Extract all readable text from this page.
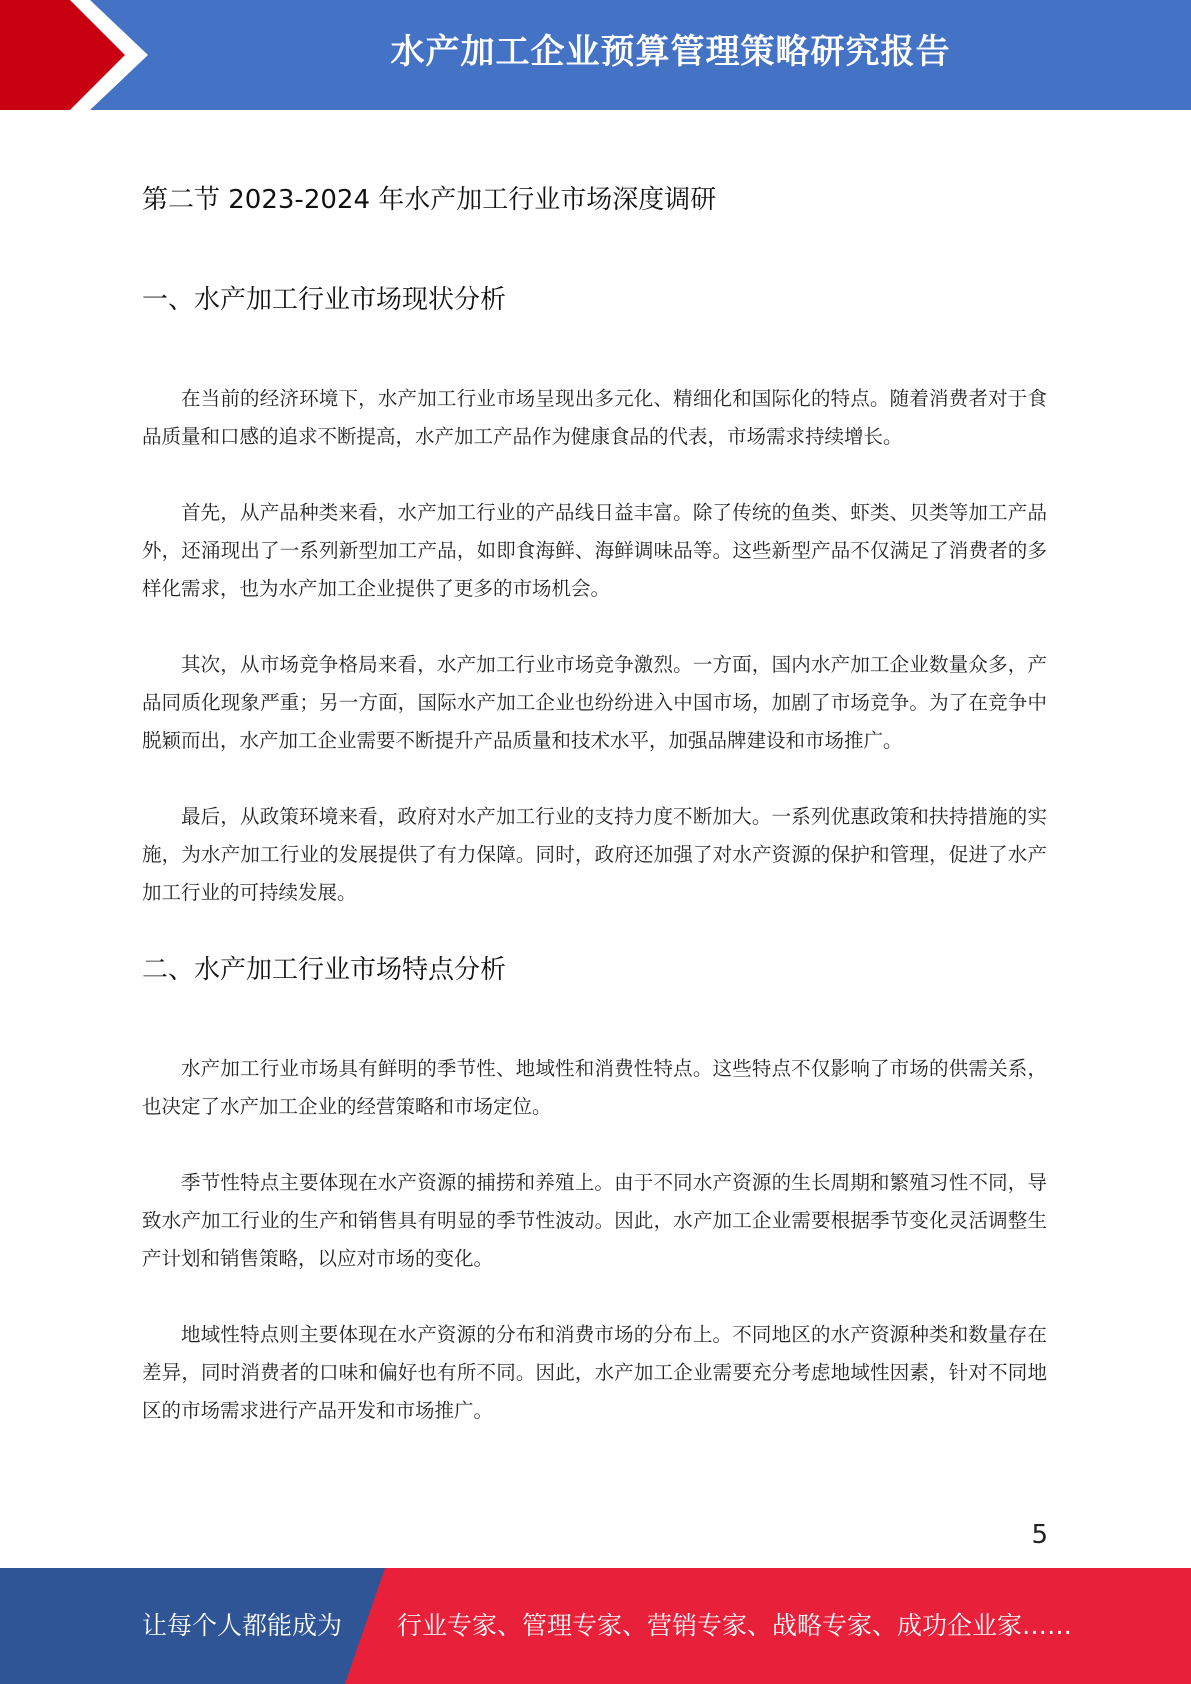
水产加工企业预算管理策略研究报告
第二节 2023-2024 年水产加工行业市场深度调研
一、水产加工行业市场现状分析

在当前的经济环境下，水产加工行业市场呈现出多元化、精细化和国际化的特点。随着消费者对于食品质量和口感的追求不断提高，水产加工产品作为健康食品的代表，市场需求持续增长。

首先，从产品种类来看，水产加工行业的产品线日益丰富。除了传统的鱼类、虾类、贝类等加工产品外，还涌现出了一系列新型加工产品，如即食海鲜、海鲜调味品等。这些新型产品不仅满足了消费者的多样化需求，也为水产加工企业提供了更多的市场机会。

其次，从市场竞争格局来看，水产加工行业市场竞争激烈。一方面，国内水产加工企业数量众多，产品同质化现象严重；另一方面，国际水产加工企业也纷纷进入中国市场，加剧了市场竞争。为了在竞争中脱颖而出，水产加工企业需要不断提升产品质量和技术水平，加强品牌建设和市场推广。

最后，从政策环境来看，政府对水产加工行业的支持力度不断加大。一系列优惠政策和扶持措施的实施，为水产加工行业的发展提供了有力保障。同时，政府还加强了对水产资源的保护和管理，促进了水产加工行业的可持续发展。

二、水产加工行业市场特点分析

水产加工行业市场具有鲜明的季节性、地域性和消费性特点。这些特点不仅影响了市场的供需关系，也决定了水产加工企业的经营策略和市场定位。

季节性特点主要体现在水产资源的捕捞和养殖上。由于不同水产资源的生长周期和繁殖习性不同，导致水产加工行业的生产和销售具有明显的季节性波动。因此，水产加工企业需要根据季节变化灵活调整生产计划和销售策略，以应对市场的变化。

地域性特点则主要体现在水产资源的分布和消费市场的分布上。不同地区的水产资源种类和数量存在差异，同时消费者的口味和偏好也有所不同。因此，水产加工企业需要充分考虑地域性因素，针对不同地区的市场需求进行产品开发和市场推广。

5
让每个人都能成为 行业专家、管理专家、营销专家、战略专家、成功企业家……
